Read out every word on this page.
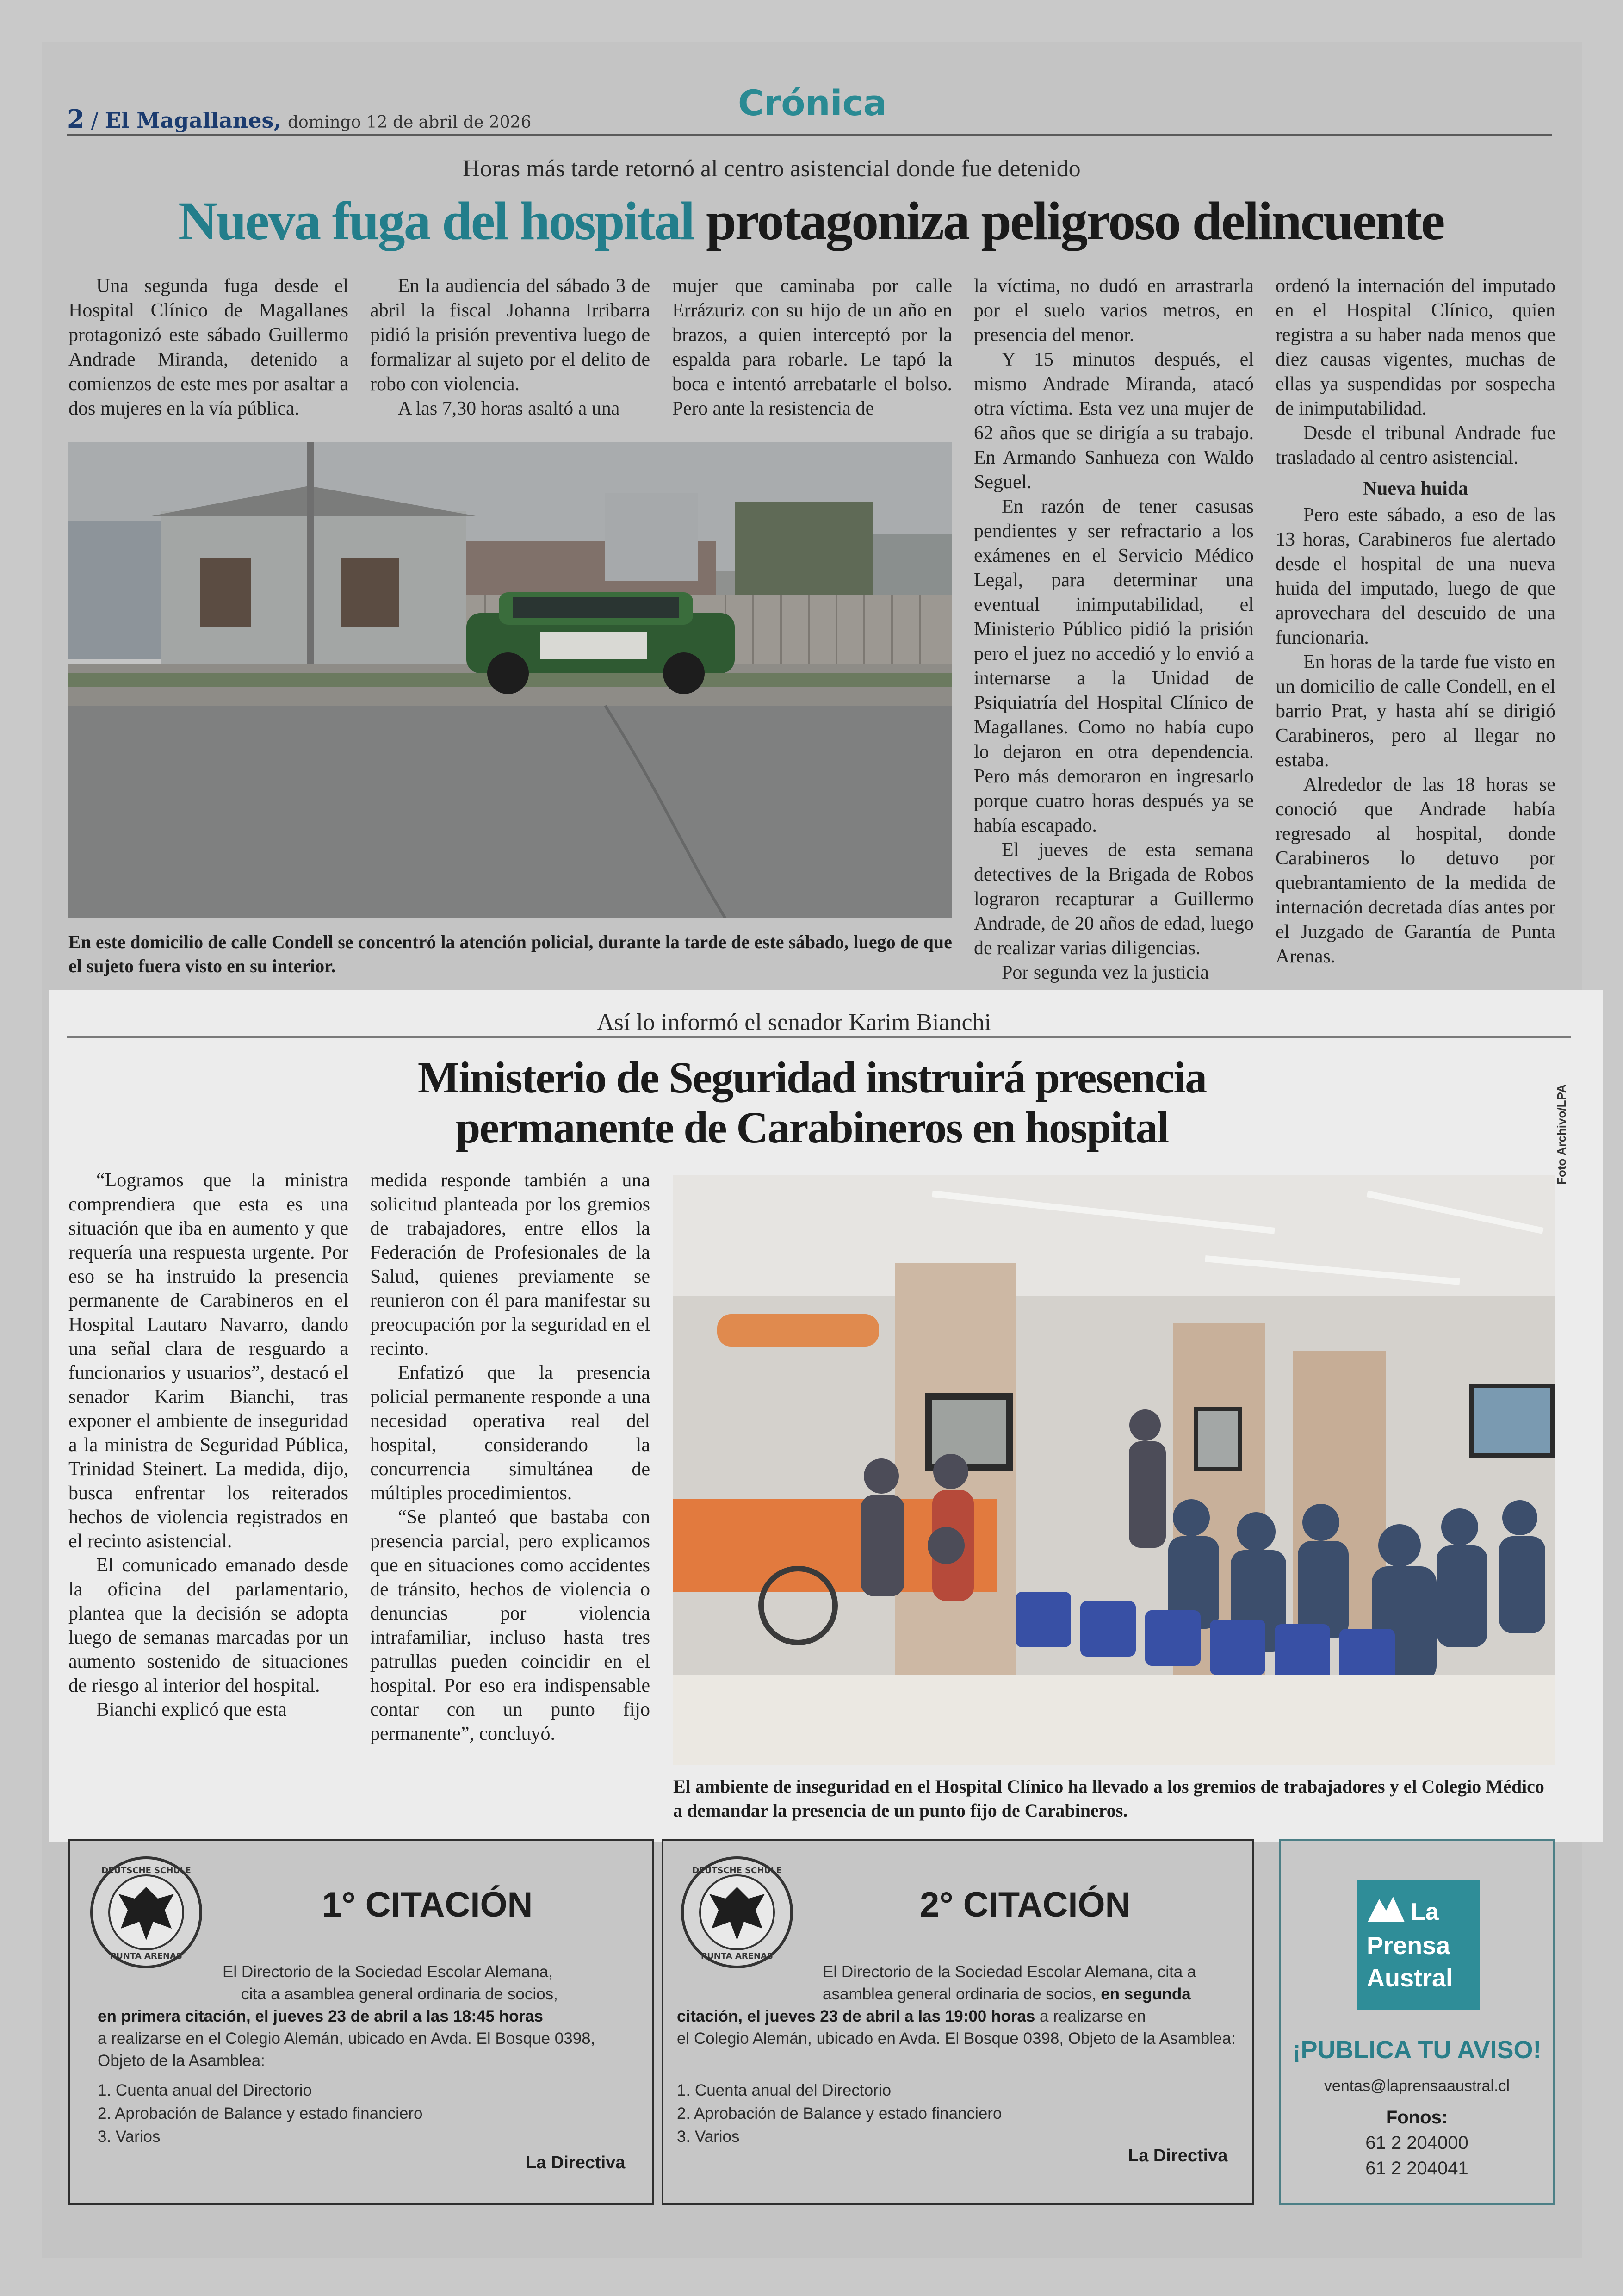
2 / El Magallanes, domingo 12 de abril de 2026	Crónica
Horas más tarde retornó al centro asistencial donde fue detenido
Nueva fuga del hospital protagoniza peligroso delincuente

Una segunda fuga desde el Hospital Clínico de Magallanes protagonizó este sábado Guillermo Andrade Miranda, detenido a comienzos de este mes por asaltar a dos mujeres en la vía pública.

En la audiencia del sábado 3 de abril la fiscal Johanna Irribarra pidió la prisión preventiva luego de formalizar al sujeto por el delito de robo con violencia.

A las 7,30 horas asaltó a una

mujer que caminaba por calle Errázuriz con su hijo de un año en brazos, a quien interceptó por la espalda para robarle. Le tapó la boca e intentó arrebatarle el bolso. Pero ante la resistencia de

la víctima, no dudó en arrastrarla por el suelo varios metros, en presencia del menor.

Y 15 minutos después, el mismo Andrade Miranda, atacó otra víctima. Esta vez una mujer de 62 años que se dirigía a su trabajo. En Armando Sanhueza con Waldo Seguel.

En razón de tener casusas pendientes y ser refractario a los exámenes en el Servicio Médico Legal, para determinar una eventual inimputabilidad, el Ministerio Público pidió la prisión pero el juez no accedió y lo envió a internarse a la Unidad de Psiquiatría del Hospital Clínico de Magallanes. Como no había cupo lo dejaron en otra dependencia. Pero más demoraron en ingresarlo porque cuatro horas después ya se había escapado.

El jueves de esta semana detectives de la Brigada de Robos lograron recapturar a Guillermo Andrade, de 20 años de edad, luego de realizar varias diligencias.

Por segunda vez la justicia

ordenó la internación del imputado en el Hospital Clínico, quien registra a su haber nada menos que diez causas vigentes, muchas de ellas ya suspendidas por sospecha de inimputabilidad.

Desde el tribunal Andrade fue trasladado al centro asistencial.

Nueva huida

Pero este sábado, a eso de las 13 horas, Carabineros fue alertado desde el hospital de una nueva huida del imputado, luego de que aprovechara del descuido de una funcionaria.

En horas de la tarde fue visto en un domicilio de calle Condell, en el barrio Prat, y hasta ahí se dirigió Carabineros, pero al llegar no estaba.

Alrededor de las 18 horas se conoció que Andrade había regresado al hospital, donde Carabineros lo detuvo por quebrantamiento de la medida de internación decretada días antes por el Juzgado de Garantía de Punta Arenas.

En este domicilio de calle Condell se concentró la atención policial, durante la tarde de este sábado, luego de que el sujeto fuera visto en su interior.
Así lo informó el senador Karim Bianchi
Ministerio de Seguridad instruirá presencia
permanente de Carabineros en hospital

“Logramos que la ministra comprendiera que esta es una situación que iba en aumento y que requería una respuesta urgente. Por eso se ha instruido la presencia permanente de Carabineros en el Hospital Lautaro Navarro, dando una señal clara de resguardo a funcionarios y usuarios”, destacó el senador Karim Bianchi, tras exponer el ambiente de inseguridad a la ministra de Seguridad Pública, Trinidad Steinert. La medida, dijo, busca enfrentar los reiterados hechos de violencia registrados en el recinto asistencial.

El comunicado emanado desde la oficina del parlamentario, plantea que la decisión se adopta luego de semanas marcadas por un aumento sostenido de situaciones de riesgo al interior del hospital.

Bianchi explicó que esta

medida responde también a una solicitud planteada por los gremios de trabajadores, entre ellos la Federación de Profesionales de la Salud, quienes previamente se reunieron con él para manifestar su preocupación por la seguridad en el recinto.

Enfatizó que la presencia policial permanente responde a una necesidad operativa real del hospital, considerando la concurrencia simultánea de múltiples procedimientos.

“Se planteó que bastaba con presencia parcial, pero explicamos que en situaciones como accidentes de tránsito, hechos de violencia o denuncias por violencia intrafamiliar, incluso hasta tres patrullas pueden coincidir en el hospital. Por eso era indispensable contar con un punto fijo permanente”, concluyó.

Foto Archivo/LPA
El ambiente de inseguridad en el Hospital Clínico ha llevado a los gremios de trabajadores y el Colegio Médico a demandar la presencia de un punto fijo de Carabineros.
DEUTSCHE SCHULE
PUNTA ARENAS
1° CITACIÓN
El Directorio de la Sociedad Escolar Alemana,
cita a asamblea general ordinaria de socios,
en primera citación, el jueves 23 de abril a las 18:45 horas
a realizarse en el Colegio Alemán, ubicado en Avda. El Bosque 0398, Objeto de la Asamblea:
1. Cuenta anual del Directorio
2. Aprobación de Balance y estado financiero
3. Varios
La Directiva
DEUTSCHE SCHULE
PUNTA ARENAS
2° CITACIÓN
El Directorio de la Sociedad Escolar Alemana, cita a
asamblea general ordinaria de socios, en segunda
citación, el jueves 23 de abril a las 19:00 horas a realizarse en
el Colegio Alemán, ubicado en Avda. El Bosque 0398, Objeto de la Asamblea:
1. Cuenta anual del Directorio
2. Aprobación de Balance y estado financiero
3. Varios
La Directiva
La
Prensa
Austral
¡PUBLICA TU AVISO!
ventas@laprensaaustral.cl
Fonos:
61 2 204000
61 2 204041
